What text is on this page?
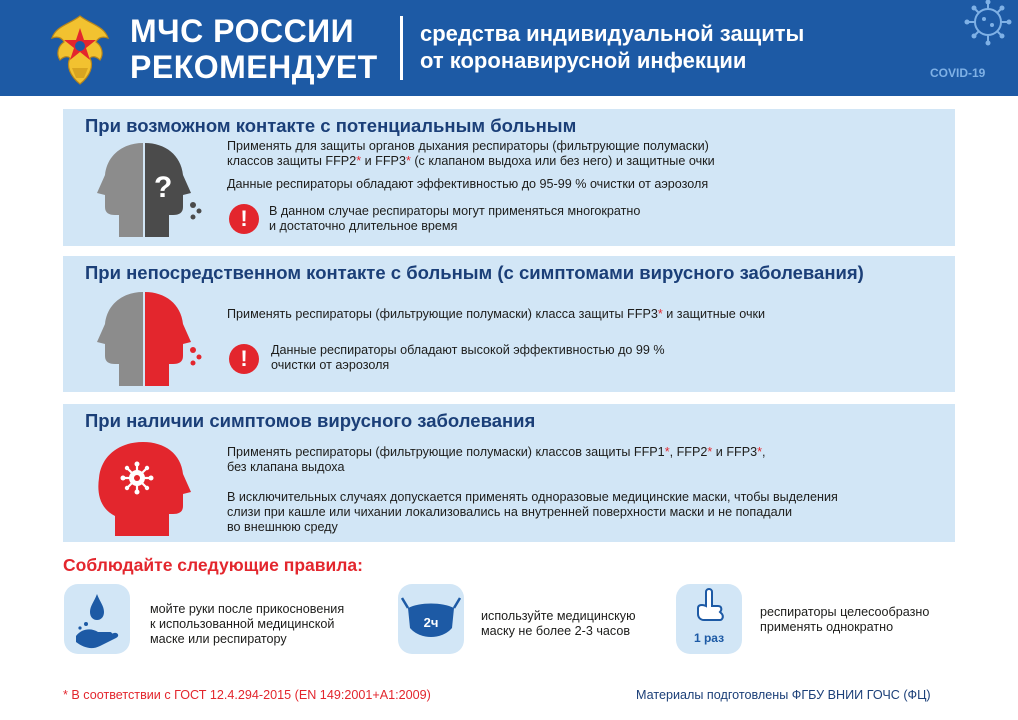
МЧС РОССИИ
РЕКОМЕНДУЕТ
средства индивидуальной защиты
от коронавирусной инфекции	COVID-19
При возможном контакте с потенциальным больным
?
Применять для защиты органов дыхания респираторы (фильтрующие полумаски)
классов защиты FFP2* и FFP3* (с клапаном выдоха или без него) и защитные очки
Данные респираторы обладают эффективностью до 95-99 % очистки от аэрозоля
!	В данном случае респираторы могут применяться многократно
и достаточно длительное время
При непосредственном контакте с больным (с симптомами вирусного заболевания)
Применять респираторы (фильтрующие полумаски) класса защиты FFP3* и защитные очки
!	Данные респираторы обладают высокой эффективностью до 99 %
очистки от аэрозоля
При наличии симптомов вирусного заболевания
Применять респираторы (фильтрующие полумаски) классов защиты FFP1*, FFP2* и FFP3*,
без клапана выдоха
В исключительных случаях допускается применять одноразовые медицинские маски, чтобы выделения
слизи при кашле или чихании локализовались на внутренней поверхности маски и не попадали
во внешнюю среду
Соблюдайте следующие правила:
мойте руки после прикосновения
к использованной медицинской
маске или респиратору
2ч	используйте медицинскую
маску не более 2-3 часов	1 раз
респираторы целесообразно
применять однократно
* В соответствии с ГОСТ 12.4.294-2015 (EN 149:2001+A1:2009)	Материалы подготовлены ФГБУ ВНИИ ГОЧС (ФЦ)
